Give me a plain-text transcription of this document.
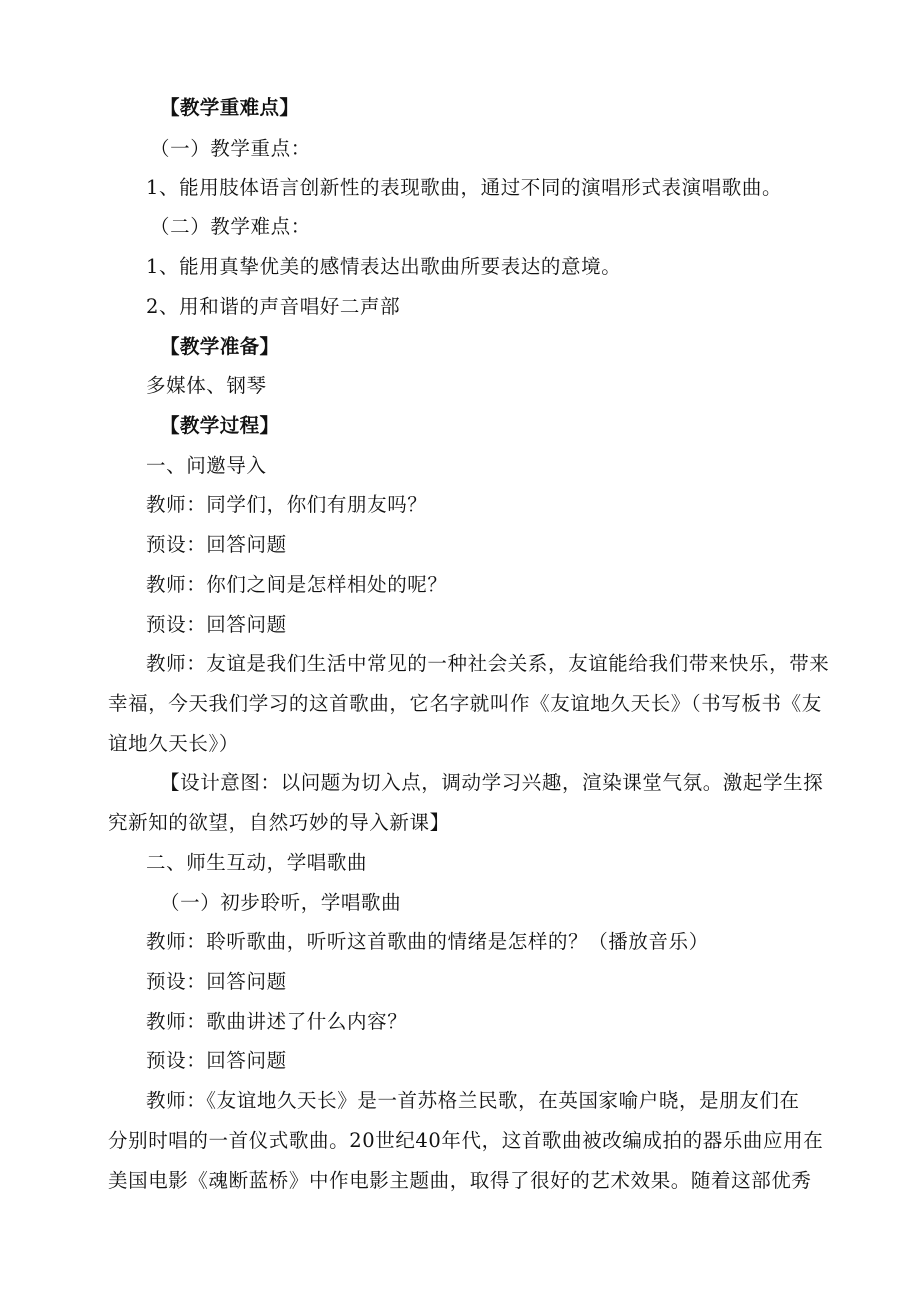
【教学重难点】

（一）教学重点：

1、能用肢体语言创新性的表现歌曲，通过不同的演唱形式表演唱歌曲。

（二）教学难点：

1、能用真挚优美的感情表达出歌曲所要表达的意境。

2、用和谐的声音唱好二声部

【教学准备】

多媒体、钢琴

【教学过程】

一、问邀导入

教师：同学们，你们有朋友吗？

预设：回答问题

教师：你们之间是怎样相处的呢？

预设：回答问题

教师：友谊是我们生活中常见的一种社会关系，友谊能给我们带来快乐，带来

幸福，今天我们学习的这首歌曲，它名字就叫作《友谊地久天长》（书写板书《友

谊地久天长》）

【设计意图：以问题为切入点，调动学习兴趣，渲染课堂气氛。激起学生探

究新知的欲望，自然巧妙的导入新课】

二、师生互动，学唱歌曲

（一）初步聆听，学唱歌曲

教师：聆听歌曲，听听这首歌曲的情绪是怎样的？（播放音乐）

预设：回答问题

教师：歌曲讲述了什么内容？

预设：回答问题

教师：《友谊地久天长》是一首苏格兰民歌，在英国家喻户晓，是朋友们在

分别时唱的一首仪式歌曲。20世纪40年代，这首歌曲被改编成拍的器乐曲应用在

美国电影《魂断蓝桥》中作电影主题曲，取得了很好的艺术效果。随着这部优秀
